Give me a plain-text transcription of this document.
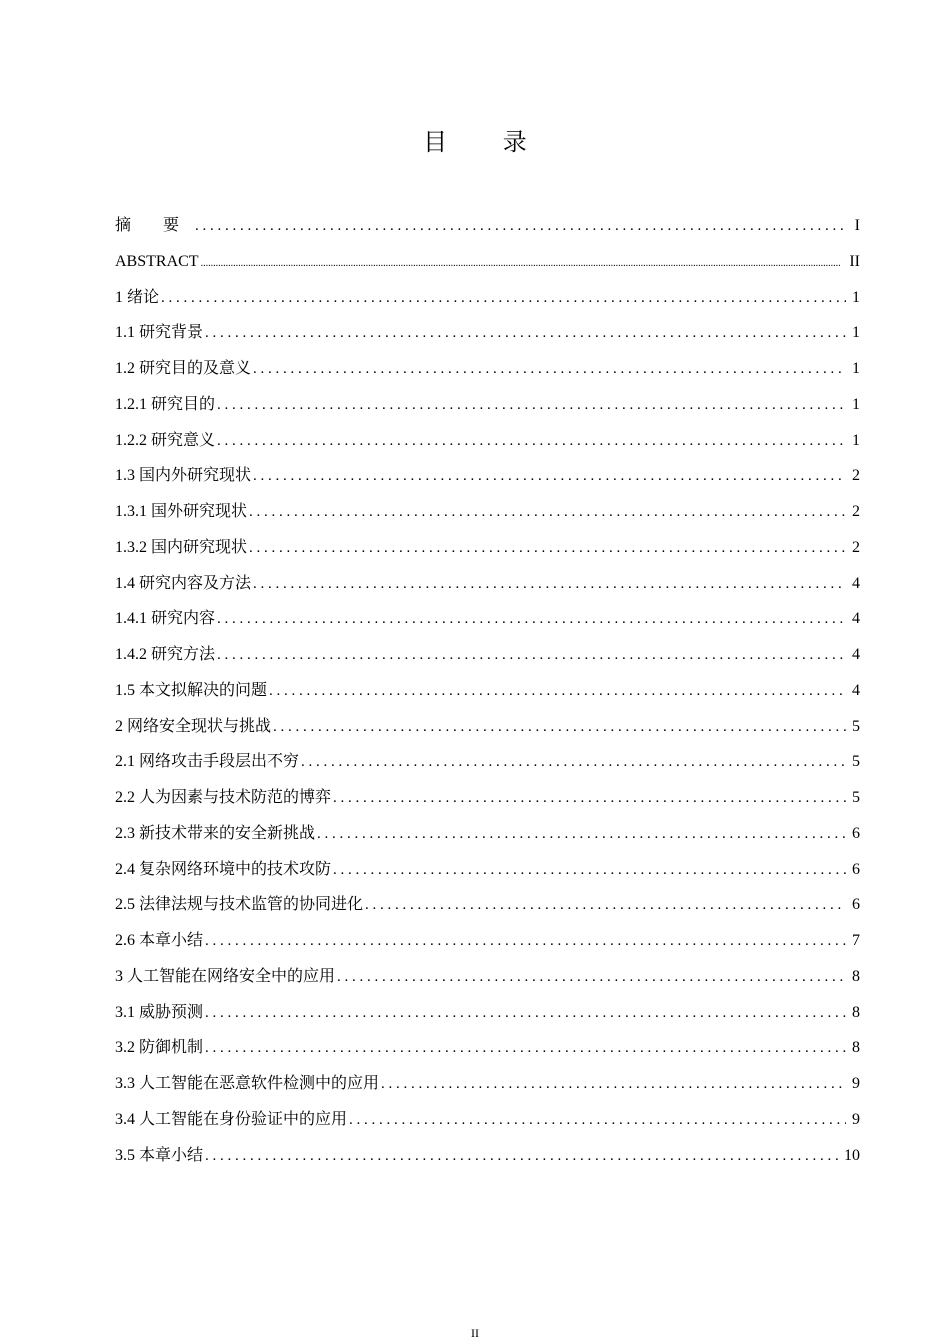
目 录
摘 要 . . .	I
ABSTRACT .....	II
1 绪论 . . .	1
1.1 研究背景 . . .	1
1.2 研究目的及意义 . . .	1
1.2.1 研究目的 . . .	1
1.2.2 研究意义 . . .	1
1.3 国内外研究现状 . . .	2
1.3.1 国外研究现状 . . .	2
1.3.2 国内研究现状 . . .	2
1.4 研究内容及方法 . . .	4
1.4.1 研究内容 . . .	4
1.4.2 研究方法 . . .	4
1.5 本文拟解决的问题 . . .	4
2 网络安全现状与挑战 . . .	5
2.1 网络攻击手段层出不穷 . . .	5
2.2 人为因素与技术防范的博弈 . . .	5
2.3 新技术带来的安全新挑战 . . .	6
2.4 复杂网络环境中的技术攻防 . . .	6
2.5 法律法规与技术监管的协同进化 . . .	6
2.6 本章小结 . . .	7
3 人工智能在网络安全中的应用 . . .	8
3.1 威胁预测 . . .	8
3.2 防御机制 . . .	8
3.3 人工智能在恶意软件检测中的应用 . . .	9
3.4 人工智能在身份验证中的应用 . . .	9
3.5 本章小结 . . .	10
II
